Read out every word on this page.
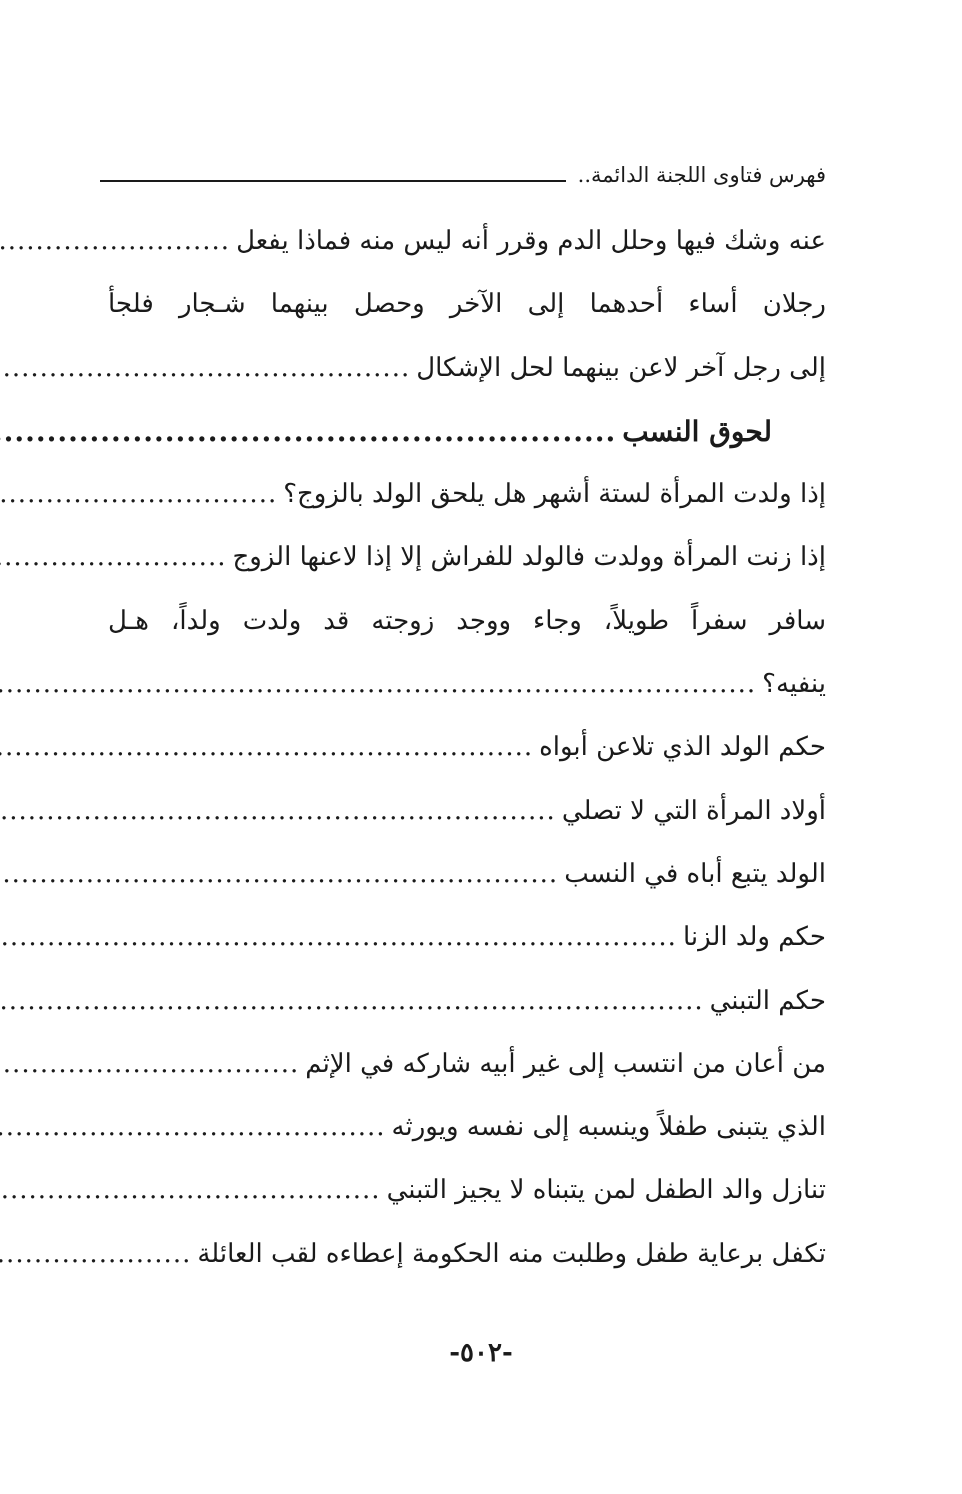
فهرس فتاوى اللجنة الدائمة..
عنه وشك فيها وحلل الدم وقرر أنه ليس منه فماذا يفعل
.....
رجلان أساء أحدهما إلى الآخر وحصل بينهما شـجار فلجأ
إلى رجل آخر لاعن بينهما لحل الإشكال
.....
لحوق النسب
.....
إذا ولدت المرأة لستة أشهر هل يلحق الولد بالزوج؟
.....
إذا زنت المرأة وولدت فالولد للفراش إلا إذا لاعنها الزوج
.....
سافر سفراً طويلاً، وجاء ووجد زوجته قد ولدت ولداً، هـل
ينفيه؟
.....
حكم الولد الذي تلاعن أبواه
.....
أولاد المرأة التي لا تصلي
.....
الولد يتبع أباه في النسب
.....
حكم ولد الزنا
.....
حكم التبني
.....
من أعان من انتسب إلى غير أبيه شاركه في الإثم
.....
الذي يتبنى طفلاً وينسبه إلى نفسه ويورثه
.....
تنازل والد الطفل لمن يتبناه لا يجيز التبني
.....
تكفل برعاية طفل وطلبت منه الحكومة إعطاءه لقب العائلة
.....
-٥٠٢-
